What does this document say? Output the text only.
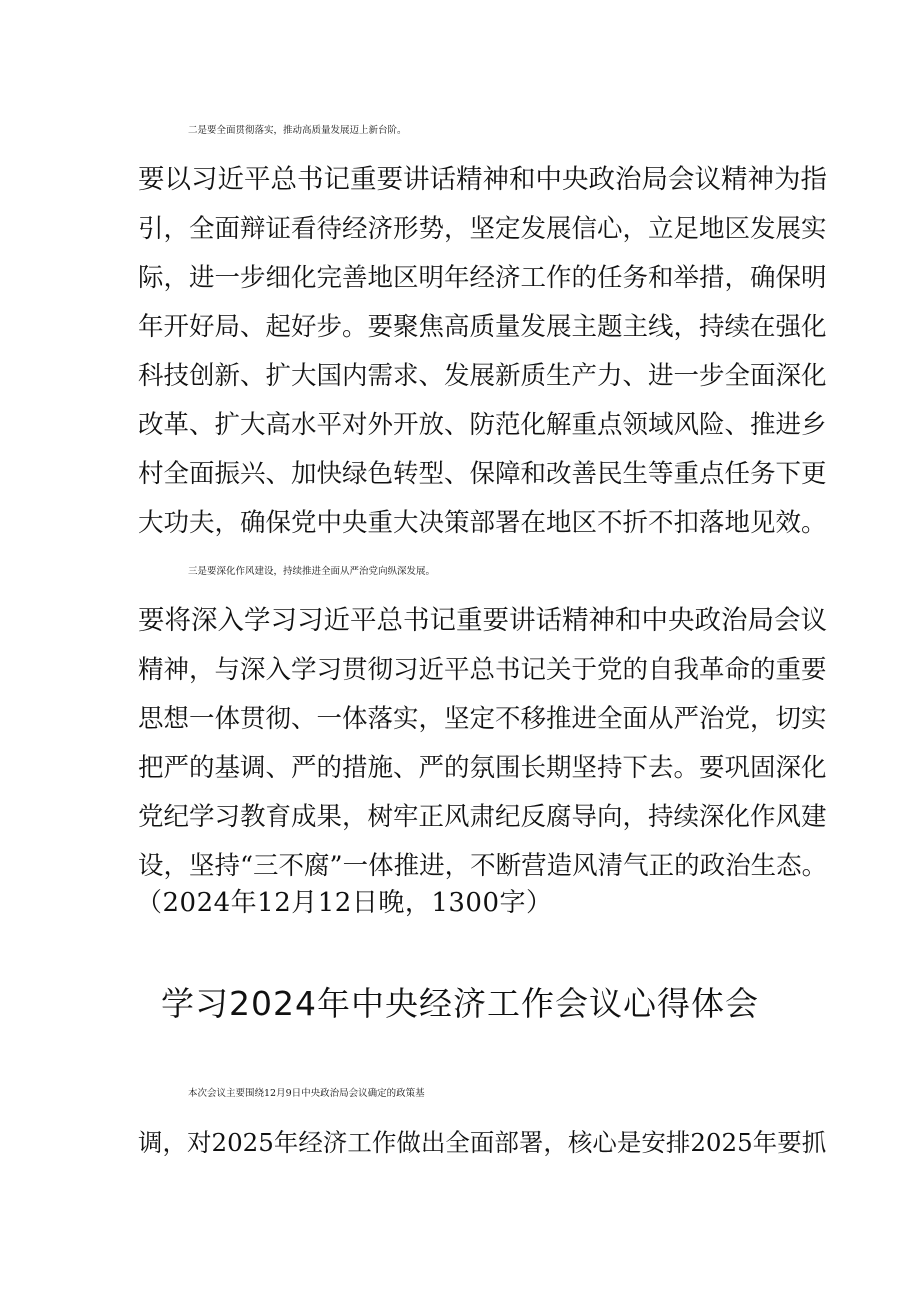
二是要全面贯彻落实，推动高质量发展迈上新台阶。
要以习近平总书记重要讲话精神和中央政治局会议精神为指
引，全面辩证看待经济形势，坚定发展信心，立足地区发展实
际，进一步细化完善地区明年经济工作的任务和举措，确保明
年开好局、起好步。要聚焦高质量发展主题主线，持续在强化
科技创新、扩大国内需求、发展新质生产力、进一步全面深化
改革、扩大高水平对外开放、防范化解重点领域风险、推进乡
村全面振兴、加快绿色转型、保障和改善民生等重点任务下更
大功夫，确保党中央重大决策部署在地区不折不扣落地见效。
三是要深化作风建设，持续推进全面从严治党向纵深发展。
要将深入学习习近平总书记重要讲话精神和中央政治局会议
精神，与深入学习贯彻习近平总书记关于党的自我革命的重要
思想一体贯彻、一体落实，坚定不移推进全面从严治党，切实
把严的基调、严的措施、严的氛围长期坚持下去。要巩固深化
党纪学习教育成果，树牢正风肃纪反腐导向，持续深化作风建
设，坚持“三不腐”一体推进，不断营造风清气正的政治生态。
（2024年12月12日晚，1300字）
学习2024年中央经济工作会议心得体会
本次会议主要围绕12月9日中央政治局会议确定的政策基
调，对2025年经济工作做出全面部署，核心是安排2025年要抓
